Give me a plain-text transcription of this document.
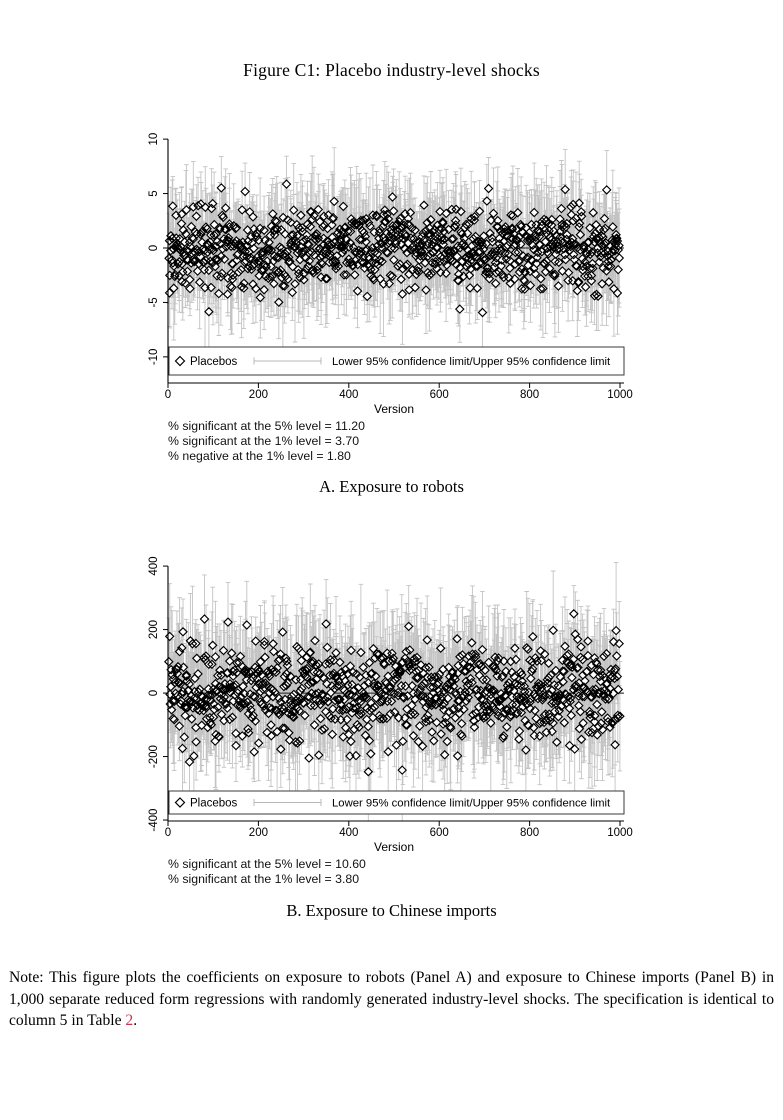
Figure C1: Placebo industry-level shocks
10
5
0
-5
-10
0	200	400	600	800	1000
Version
Placebos	Lower 95% confidence limit/Upper 95% confidence limit
% significant at the 5% level = 11.20
% significant at the 1% level = 3.70
% negative at the 1% level = 1.80
A. Exposure to robots
400
200
0
-200
-400
0	200	400	600	800	1000
Version
Placebos	Lower 95% confidence limit/Upper 95% confidence limit
% significant at the 5% level = 10.60
% significant at the 1% level = 3.80
B. Exposure to Chinese imports

Note: This figure plots the coefficients on exposure to robots (Panel A) and exposure to Chinese imports (Panel B) in 1,000 separate reduced form regressions with randomly generated industry-level shocks. The specification is identical to column 5 in Table 2.
